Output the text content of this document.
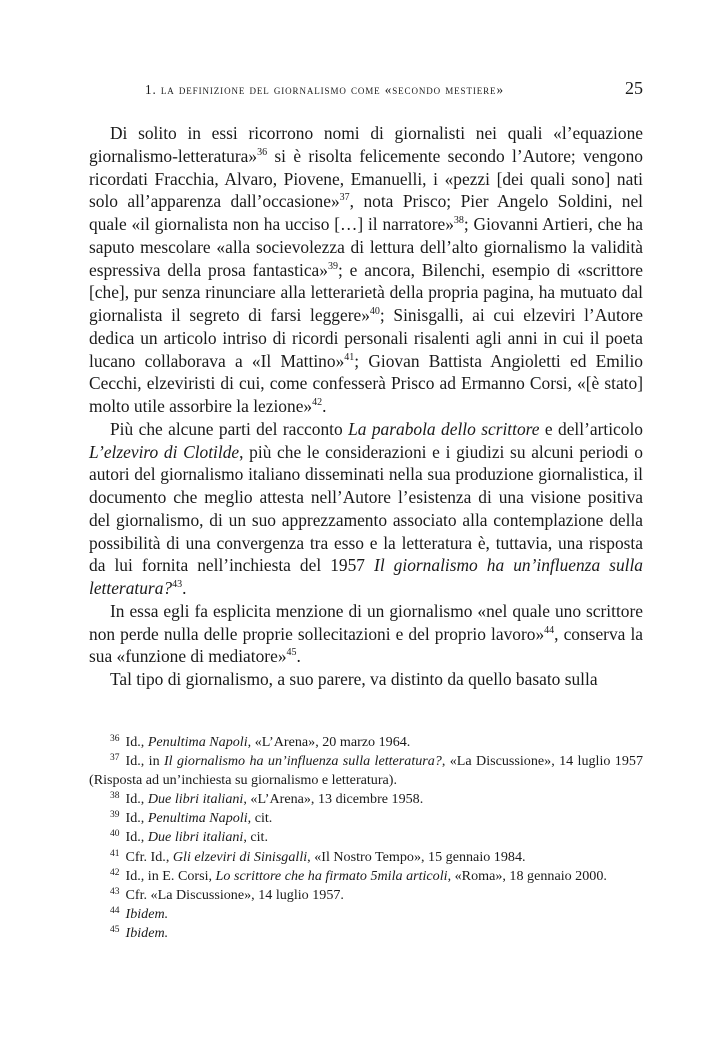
1. la definizione del giornalismo come «secondo mestiere»	25

Di solito in essi ricorrono nomi di giornalisti nei quali «l’equazione giornalismo-letteratura»$^{36}$ si è risolta felicemente secondo l’Autore; vengono ricordati Fracchia, Alvaro, Piovene, Emanuelli, i «pezzi [dei quali sono] nati solo all’apparenza dall’occasione»$^{37}$, nota Prisco; Pier Angelo Soldini, nel quale «il giornalista non ha ucciso […] il narratore»$^{38}$; Giovanni Artieri, che ha saputo mescolare «alla socievolezza di lettura dell’alto giornalismo la validità espressiva della prosa fantastica»$^{39}$; e ancora, Bilenchi, esempio di «scrittore [che], pur senza rinunciare alla letterarietà della propria pagina, ha mutuato dal giornalista il segreto di farsi leggere»$^{40}$; Sinisgalli, ai cui elzeviri l’Autore dedica un articolo intriso di ricordi personali risalenti agli anni in cui il poeta lucano collaborava a «Il Mattino»$^{41}$; Giovan Battista Angioletti ed Emilio Cecchi, elzeviristi di cui, come confesserà Prisco ad Ermanno Corsi, «[è stato] molto utile assorbire la lezione»$^{42}$.

Più che alcune parti del racconto La parabola dello scrittore e dell’articolo L’elzeviro di Clotilde, più che le considerazioni e i giudizi su alcuni periodi o autori del giornalismo italiano disseminati nella sua produzione giornalistica, il documento che meglio attesta nell’Autore l’esistenza di una visione positiva del giornalismo, di un suo apprezzamento associato alla contemplazione della possibilità di una convergenza tra esso e la letteratura è, tuttavia, una risposta da lui fornita nell’inchiesta del 1957 Il giornalismo ha un’influenza sulla letteratura?$^{43}$.

In essa egli fa esplicita menzione di un giornalismo «nel quale uno scrittore non perde nulla delle proprie sollecitazioni e del proprio lavoro»$^{44}$, conserva la sua «funzione di mediatore»$^{45}$.

Tal tipo di giornalismo, a suo parere, va distinto da quello basato sulla

$^{36}$ Id., Penultima Napoli, «L’Arena», 20 marzo 1964.

$^{37}$ Id., in Il giornalismo ha un’influenza sulla letteratura?, «La Discussione», 14 luglio 1957 (Risposta ad un’inchiesta su giornalismo e letteratura).

$^{38}$ Id., Due libri italiani, «L’Arena», 13 dicembre 1958.

$^{39}$ Id., Penultima Napoli, cit.

$^{40}$ Id., Due libri italiani, cit.

$^{41}$ Cfr. Id., Gli elzeviri di Sinisgalli, «Il Nostro Tempo», 15 gennaio 1984.

$^{42}$ Id., in E. Corsi, Lo scrittore che ha firmato 5mila articoli, «Roma», 18 gennaio 2000.

$^{43}$ Cfr. «La Discussione», 14 luglio 1957.

$^{44}$ Ibidem.

$^{45}$ Ibidem.
